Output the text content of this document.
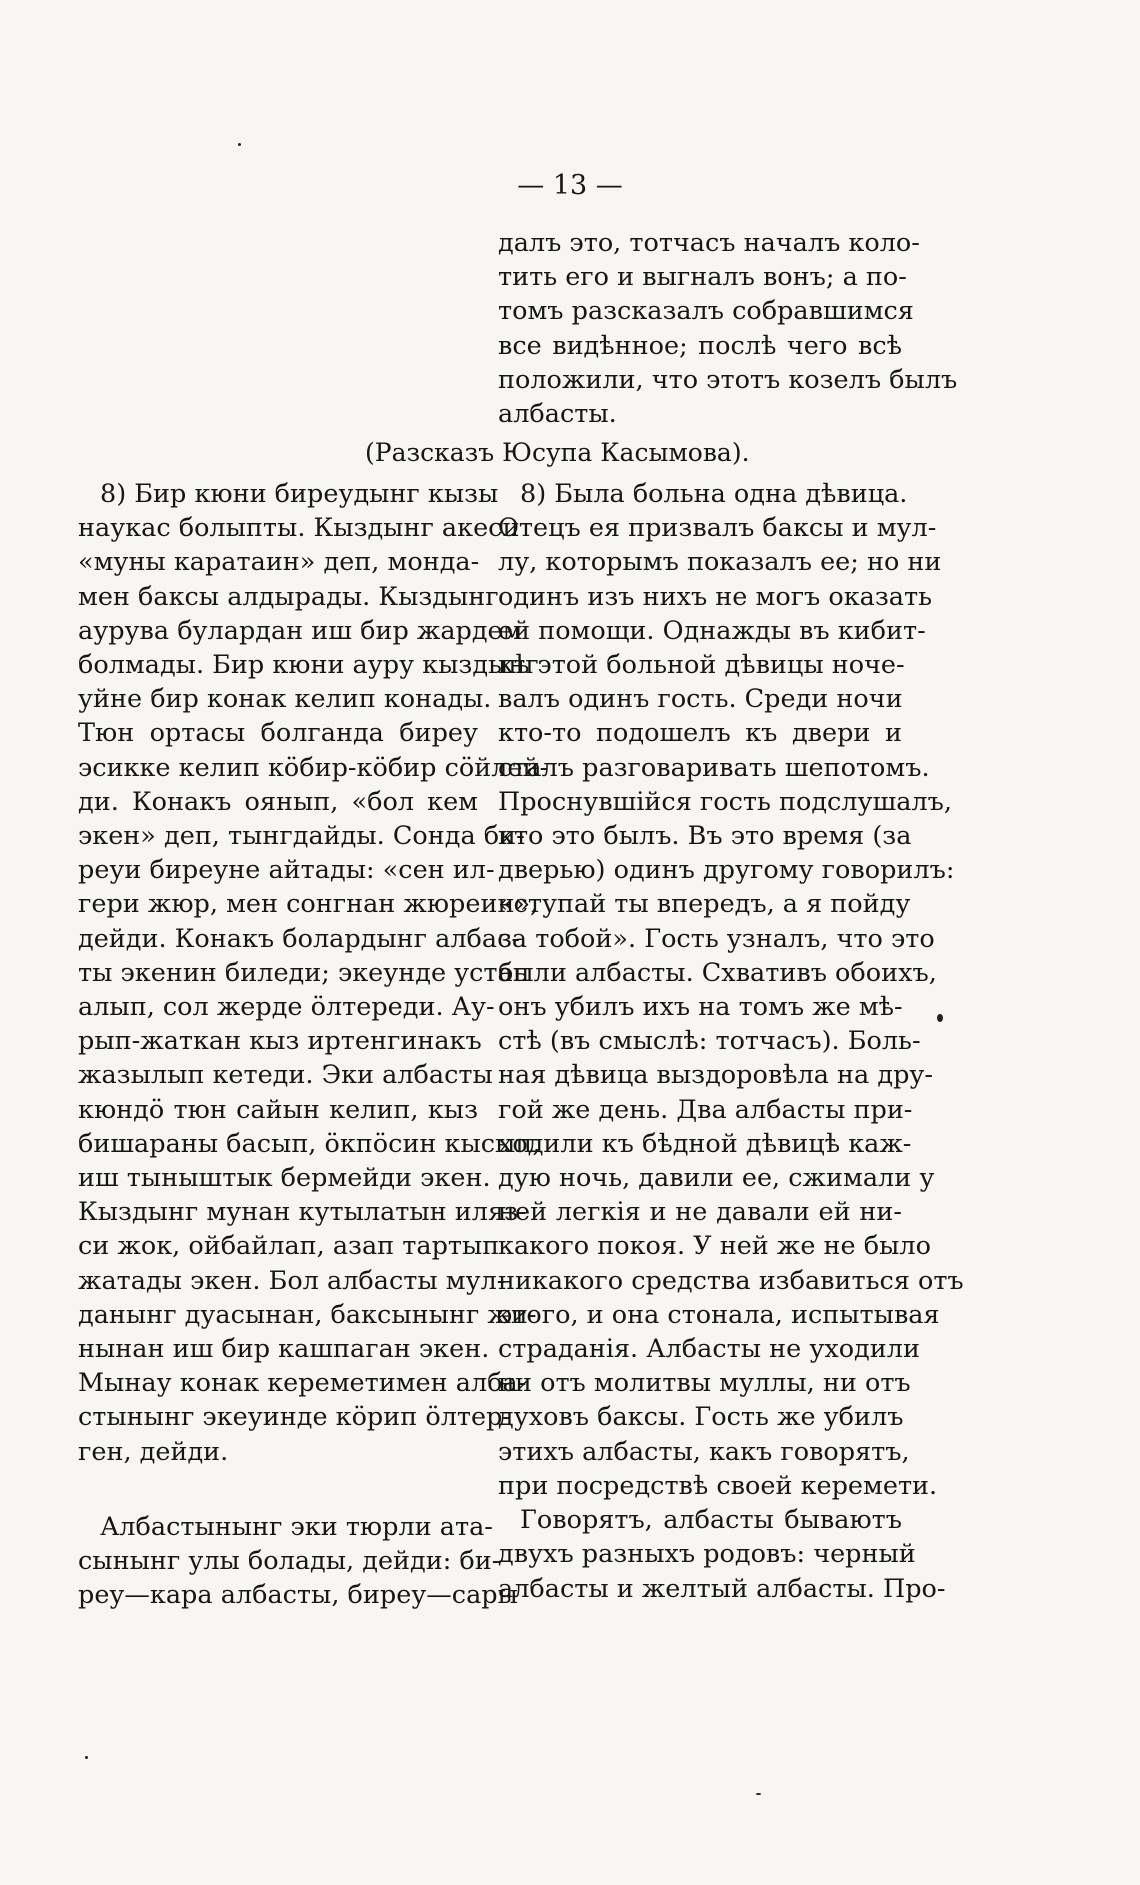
— 13 —
далъ это, тотчасъ началъ коло-
тить его и выгналъ вонъ; а по-
томъ разсказалъ собравшимся
все видѣнное; послѣ чего всѣ
положили, что этотъ козелъ былъ
албасты.
(Разсказъ Юсупа Касымова).
8) Бир кюни биреудынг кызы
наукас болыпты. Кыздынг акеси
«муны каратаин» деп, монда-
мен баксы алдырады. Кыздынг
аурува булардан иш бир жардем
болмады. Бир кюни ауру кыздынг
уйне бир конак келип конады.
Тюн ортасы болганда биреу
эсикке келип кӧбир-кӧбир сӧйлей-
ди. Конакъ оянып, «бол кем
экен» деп, тынгдайды. Сонда би-
реуи биреуне айтады: «сен ил-
гери жюр, мен сонгнан жюреин»,
дейди. Конакъ болардынг албас-
ты экенин биледи; экеунде устап
алып, сол жерде ӧлтереди. Ау-
рып-жаткан кыз иртенгинакъ
жазылып кетеди. Эки албасты
кюндӧ тюн сайын келип, кыз
бишараны басып, ӧкпӧсин кысып,
иш тыныштык бермейди экен.
Кыздынг мунан кутылатын иляз-
си жок, ойбайлап, азап тартып
жатады экен. Бол албасты мул-
данынг дуасынан, баксынынг жи-
нынан иш бир кашпаган экен.
Мынау конак кереметимен алба-
стынынг экеуинде кӧрип ӧлтер-
ген, дейди.
8) Была больна одна дѣвица.
Отецъ ея призвалъ баксы и мул-
лу, которымъ показалъ ее; но ни
одинъ изъ нихъ не могъ оказать
ей помощи. Однажды въ кибит-
кѣ этой больной дѣвицы ноче-
валъ одинъ гость. Среди ночи
кто-то подошелъ къ двери и
сталъ разговаривать шепотомъ.
Проснувшійся гость подслушалъ,
кто это былъ. Въ это время (за
дверью) одинъ другому говорилъ:
«ступай ты впередъ, а я пойду
за тобой». Гость узналъ, что это
были албасты. Схвативъ обоихъ,
онъ убилъ ихъ на томъ же мѣ-
стѣ (въ смыслѣ: тотчасъ). Боль-
ная дѣвица выздоровѣла на дру-
гой же день. Два албасты при-
ходили къ бѣдной дѣвицѣ каж-
дую ночь, давили ее, сжимали у
ней легкія и не давали ей ни-
какого покоя. У ней же не было
никакого средства избавиться отъ
этого, и она стонала, испытывая
страданія. Албасты не уходили
ни отъ молитвы муллы, ни отъ
духовъ баксы. Гость же убилъ
этихъ албасты, какъ говорятъ,
при посредствѣ своей керемети.
Говорятъ, албасты бываютъ
двухъ разныхъ родовъ: черный
албасты и желтый албасты. Про-
Албастынынг эки тюрли ата-
сынынг улы болады, дейди: би-
реу—кара албасты, биреу—сары
